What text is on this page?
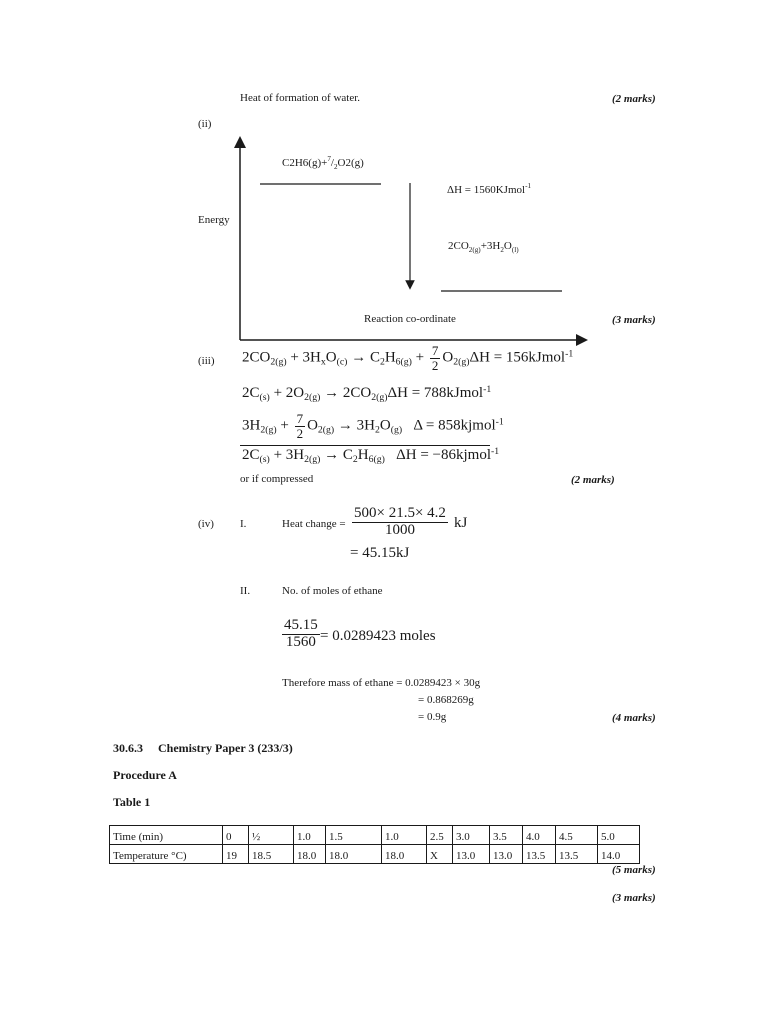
Heat of formation of water.	(2 marks)
(ii)
$C2H6(g)+^7/_2O2(g)$
ΔH = 1560KJmol$^{-1}$
Energy
$2CO_{2(g)}+3H_2O_{(l)}$
Reaction co-ordinate	(3 marks)
(iii) $2CO_{2(g)} + 3H_xO_{(c)} \to C_2H_{6(g)} + \frac{7}{2} O_{2(g)}\Delta H$ = 156kJmol$^{-1}$
$2C_{(s)} + 2O_{2(g)} \to 2CO_{2(g)}\Delta H$ = 788kJmol$^{-1}$
$3H_{2(g)} + \frac{7}{2} O_{2(g)} \to 3H_2O_{(g)}$   Δ = 858kjmol$^{-1}$
$2C_{(s)} + 3H_{2(g)} \to C_2H_{6(g)}$   ΔH = −86kjmol$^{-1}$
or if compressed	(2 marks)
(iv) I.	Heat change = $\frac{500\times 21.5\times 4.2}{1000}$ kJ
= 45.15kJ
II.	No. of moles of ethane
$\frac{45.15}{1560} = 0.0289423$ moles
Therefore mass of ethane = 0.0289423 × 30g
= 0.868269g
= 0.9g	(4 marks)
30.6.3     Chemistry Paper 3 (233/3)
Procedure A
Table 1
Time (min)	0	½	1.0	1.5	1.0	2.5	3.0	3.5	4.0	4.5	5.0
Temperature °C)	19	18.5	18.0	18.0	18.0	X	13.0	13.0	13.5	13.5	14.0
(5 marks)
(3 marks)
